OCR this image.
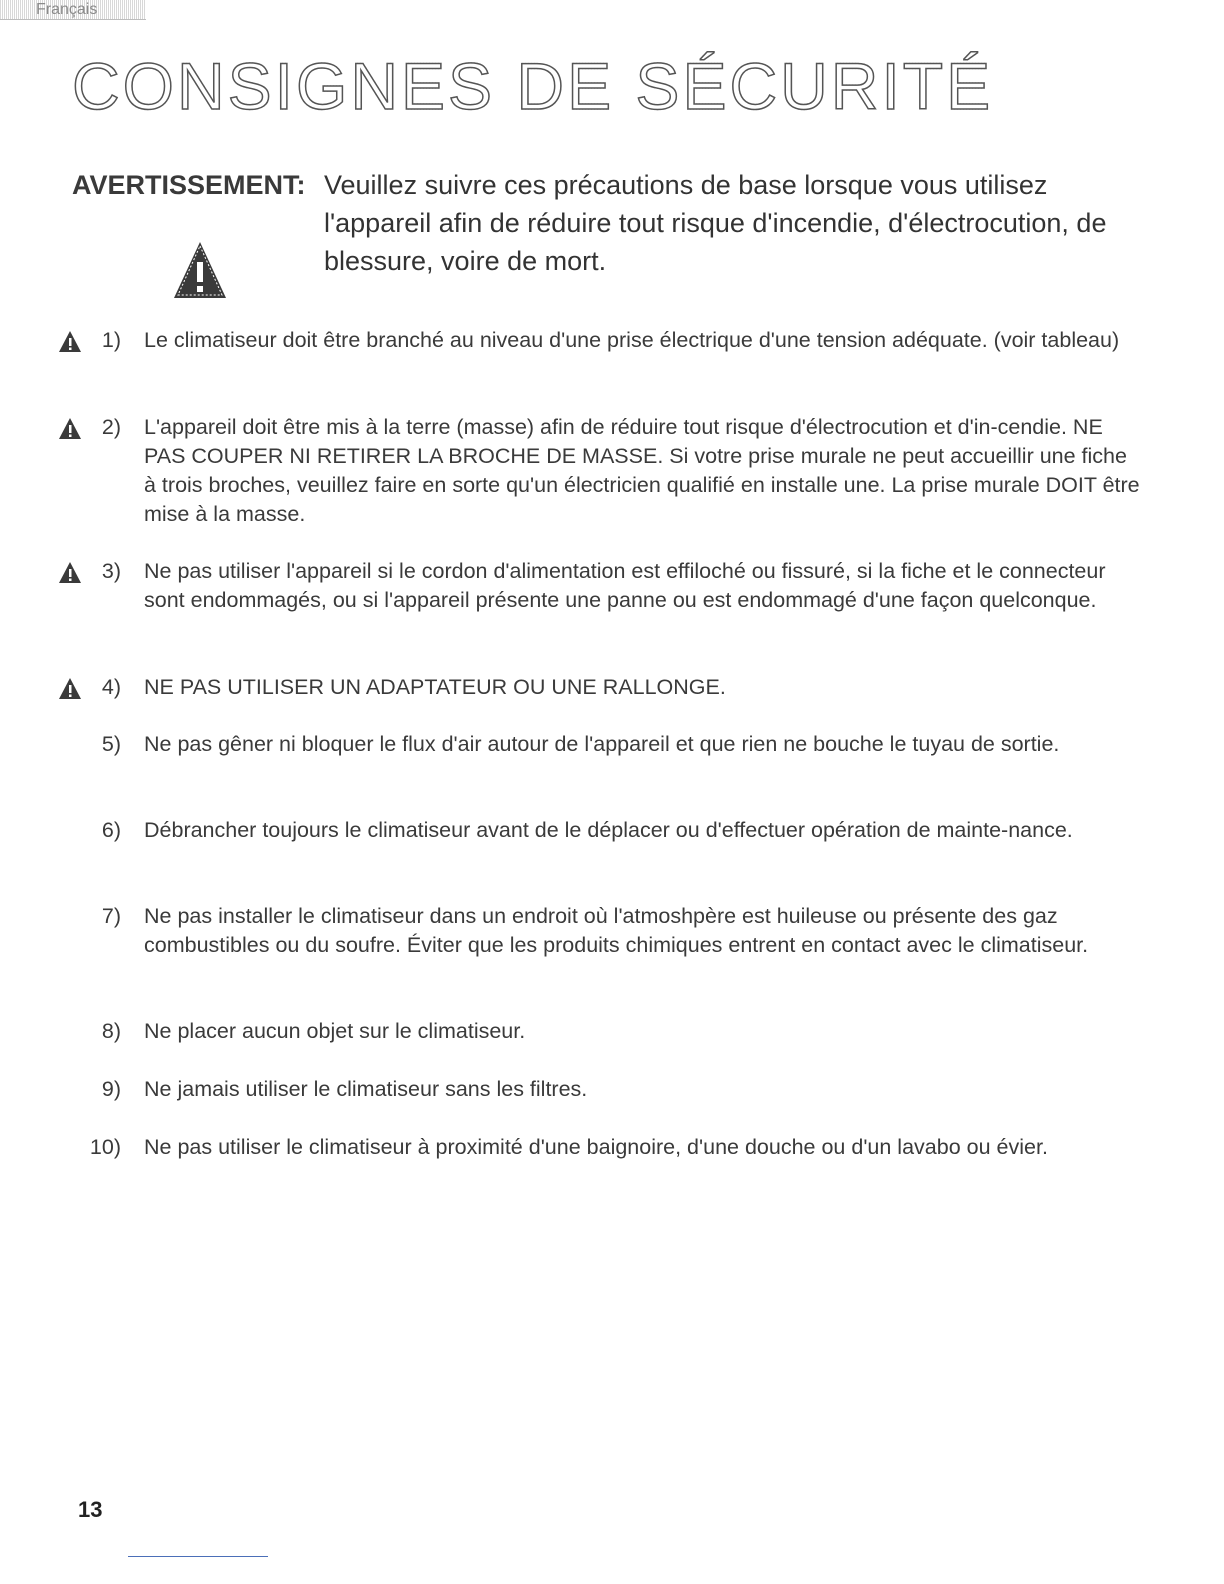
Français
CONSIGNES DE SÉCURITÉ
AVERTISSEMENT: Veuillez suivre ces précautions de base lorsque vous utilisez
l'appareil afin de réduire tout risque d'incendie, d'électrocution, de blessure, voire de mort.
1) Le climatiseur doit être branché au niveau d'une prise électrique d'une tension adéquate. (voir tableau)
2) L'appareil doit être mis à la terre (masse) afin de réduire tout risque d'électrocution et d'in-cendie. NE PAS COUPER NI RETIRER LA BROCHE DE MASSE. Si votre prise murale ne peut accueillir une fiche à trois broches, veuillez faire en sorte qu'un électricien qualifié en installe une. La prise murale DOIT être mise à la masse.
3) Ne pas utiliser l'appareil si le cordon d'alimentation est effiloché ou fissuré, si la fiche et le connecteur sont endommagés, ou si l'appareil présente une panne ou est endommagé d'une façon quelconque.
4) NE PAS UTILISER UN ADAPTATEUR OU UNE RALLONGE.
5) Ne pas gêner ni bloquer le flux d'air autour de l'appareil et que rien ne bouche le tuyau de sortie.
6) Débrancher toujours le climatiseur avant de le déplacer ou d'effectuer opération de mainte-nance.
7) Ne pas installer le climatiseur dans un endroit où l'atmoshpère est huileuse ou présente des gaz combustibles ou du soufre. Éviter que les produits chimiques entrent en contact avec le climatiseur.
8) Ne placer aucun objet sur le climatiseur.
9) Ne jamais utiliser le climatiseur sans les filtres.
10) Ne pas utiliser le climatiseur à proximité d'une baignoire, d'une douche ou d'un lavabo ou évier.
13
